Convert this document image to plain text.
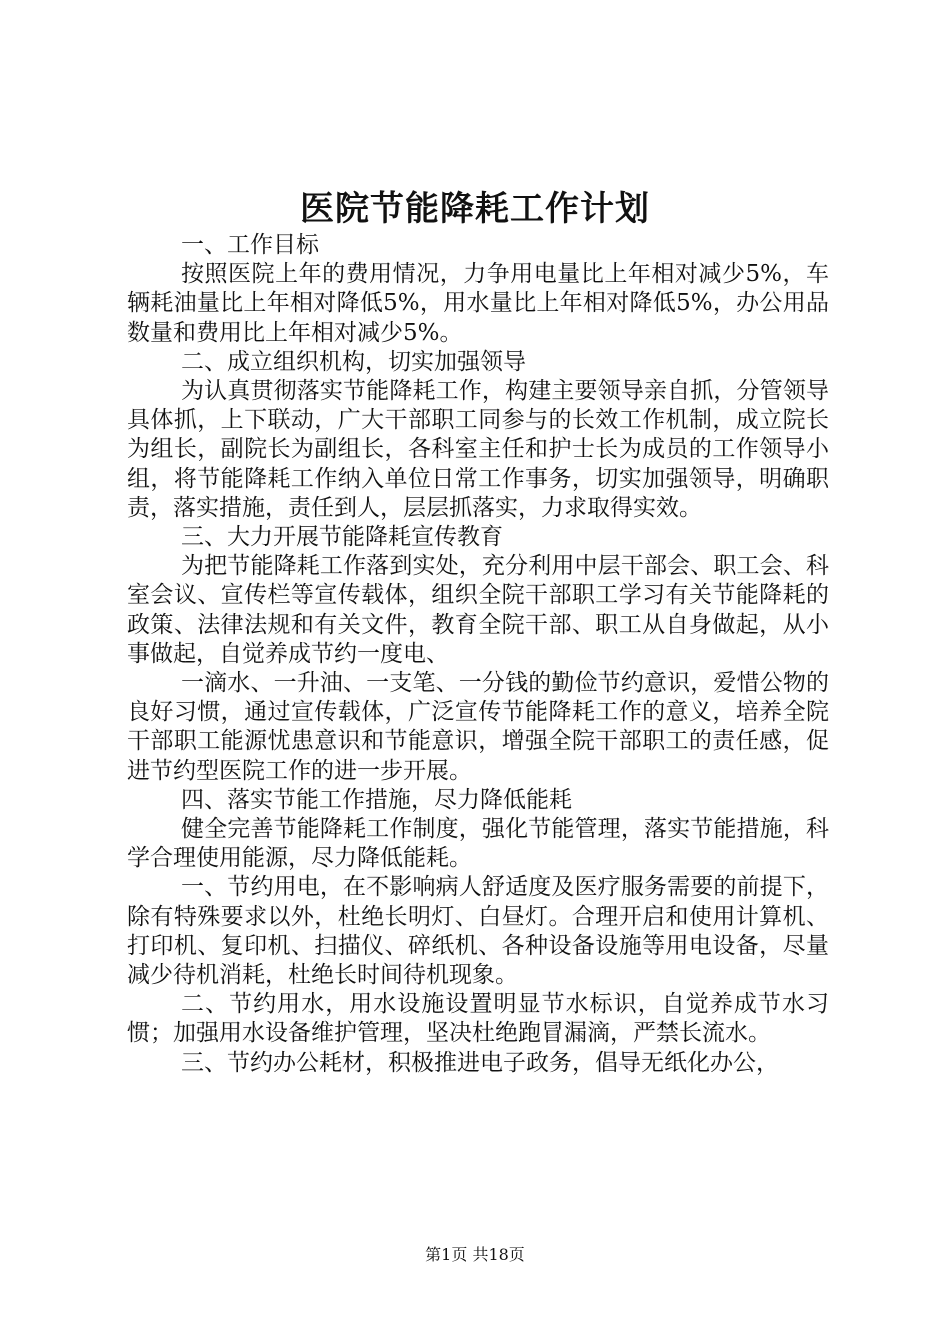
医院节能降耗工作计划

一、工作目标

按照医院上年的费用情况，力争用电量比上年相对减少5%，车辆耗油量比上年相对降低5%，用水量比上年相对降低5%，办公用品数量和费用比上年相对减少5%。

二、成立组织机构，切实加强领导

为认真贯彻落实节能降耗工作，构建主要领导亲自抓，分管领导具体抓，上下联动，广大干部职工同参与的长效工作机制，成立院长为组长，副院长为副组长，各科室主任和护士长为成员的工作领导小组，将节能降耗工作纳入单位日常工作事务，切实加强领导，明确职责，落实措施，责任到人，层层抓落实，力求取得实效。

三、大力开展节能降耗宣传教育

为把节能降耗工作落到实处，充分利用中层干部会、职工会、科室会议、宣传栏等宣传载体，组织全院干部职工学习有关节能降耗的政策、法律法规和有关文件，教育全院干部、职工从自身做起，从小事做起，自觉养成节约一度电、

一滴水、一升油、一支笔、一分钱的勤俭节约意识，爱惜公物的良好习惯，通过宣传载体，广泛宣传节能降耗工作的意义，培养全院干部职工能源忧患意识和节能意识，增强全院干部职工的责任感，促进节约型医院工作的进一步开展。

四、落实节能工作措施，尽力降低能耗

健全完善节能降耗工作制度，强化节能管理，落实节能措施，科学合理使用能源，尽力降低能耗。

一、节约用电，在不影响病人舒适度及医疗服务需要的前提下，除有特殊要求以外，杜绝长明灯、白昼灯。合理开启和使用计算机、打印机、复印机、扫描仪、碎纸机、各种设备设施等用电设备，尽量减少待机消耗，杜绝长时间待机现象。

二、节约用水，用水设施设置明显节水标识，自觉养成节水习惯；加强用水设备维护管理，坚决杜绝跑冒漏滴，严禁长流水。

三、节约办公耗材，积极推进电子政务，倡导无纸化办公，

第1页 共18页
